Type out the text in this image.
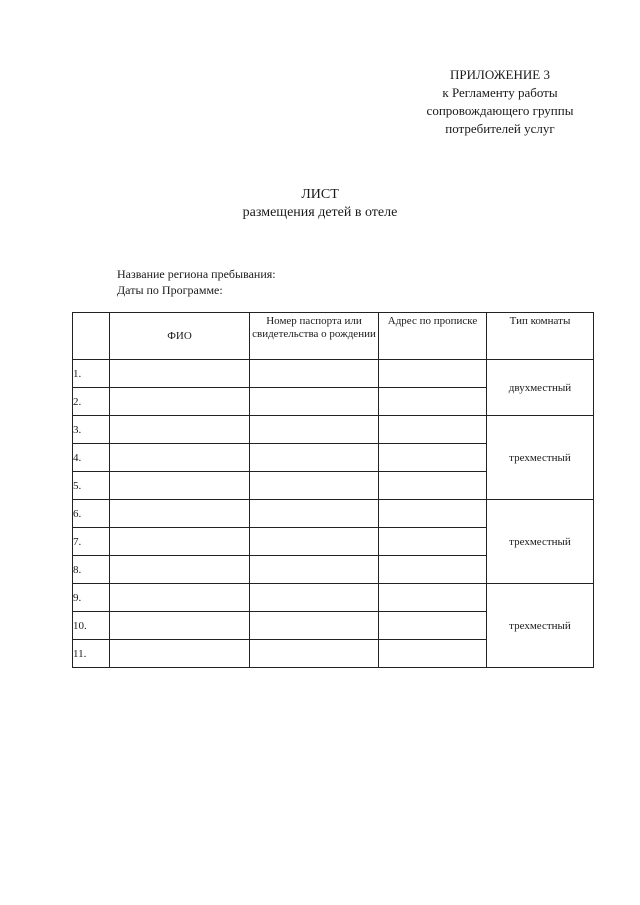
ПРИЛОЖЕНИЕ 3
к Регламенту работы
сопровождающего группы
потребителей услуг
ЛИСТ
размещения детей в отеле
Название региона пребывания:
Даты по Программе:
	ФИО	Номер паспорта или свидетельства о рождении	Адрес по прописке	Тип комнаты
1.				двухместный
2.				
3.				трехместный
4.				
5.				
6.				трехместный
7.				
8.				
9.				трехместный
10.				
11.				
